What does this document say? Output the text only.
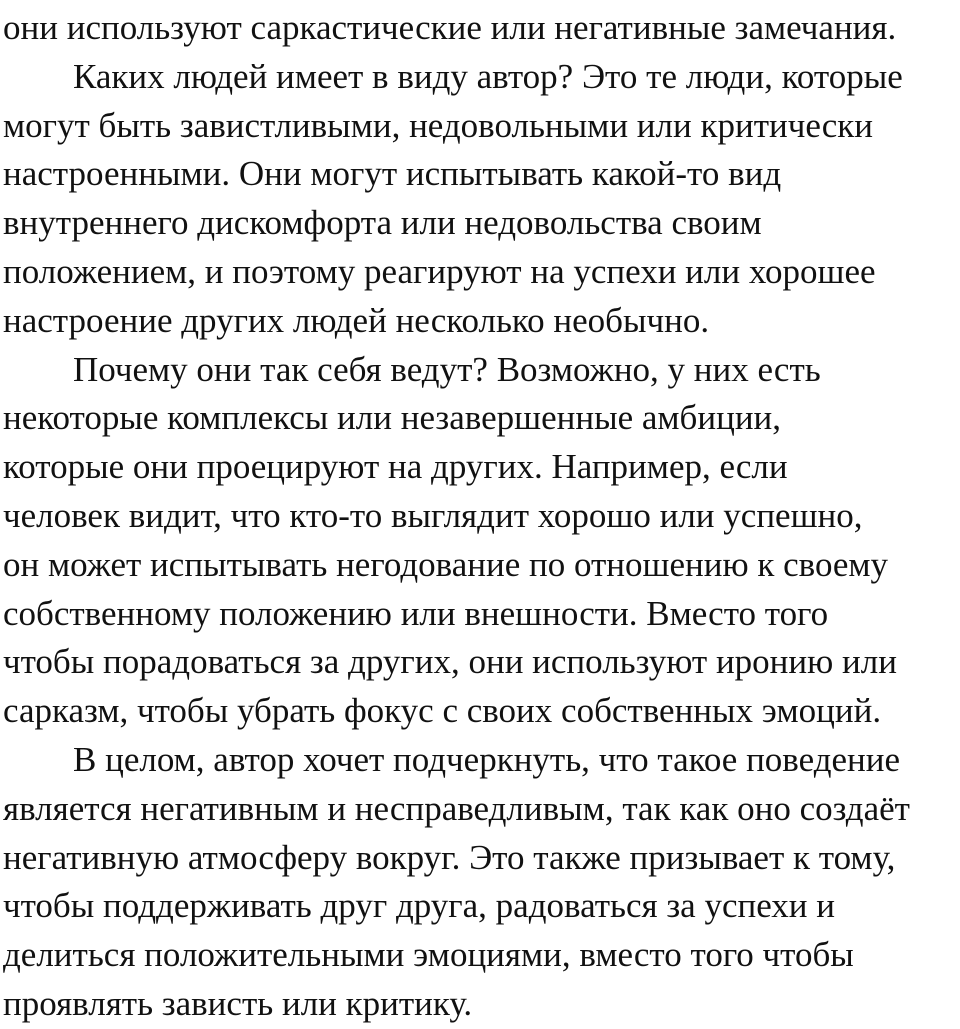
они используют саркастические или негативные замечания.
Каких людей имеет в виду автор? Это те люди, которые
могут быть завистливыми, недовольными или критически
настроенными. Они могут испытывать какой-то вид
внутреннего дискомфорта или недовольства своим
положением, и поэтому реагируют на успехи или хорошее
настроение других людей несколько необычно.
Почему они так себя ведут? Возможно, у них есть
некоторые комплексы или незавершенные амбиции,
которые они проецируют на других. Например, если
человек видит, что кто-то выглядит хорошо или успешно,
он может испытывать негодование по отношению к своему
собственному положению или внешности. Вместо того
чтобы порадоваться за других, они используют иронию или
сарказм, чтобы убрать фокус с своих собственных эмоций.
В целом, автор хочет подчеркнуть, что такое поведение
является негативным и несправедливым, так как оно создаёт
негативную атмосферу вокруг. Это также призывает к тому,
чтобы поддерживать друг друга, радоваться за успехи и
делиться положительными эмоциями, вместо того чтобы
проявлять зависть или критику.
